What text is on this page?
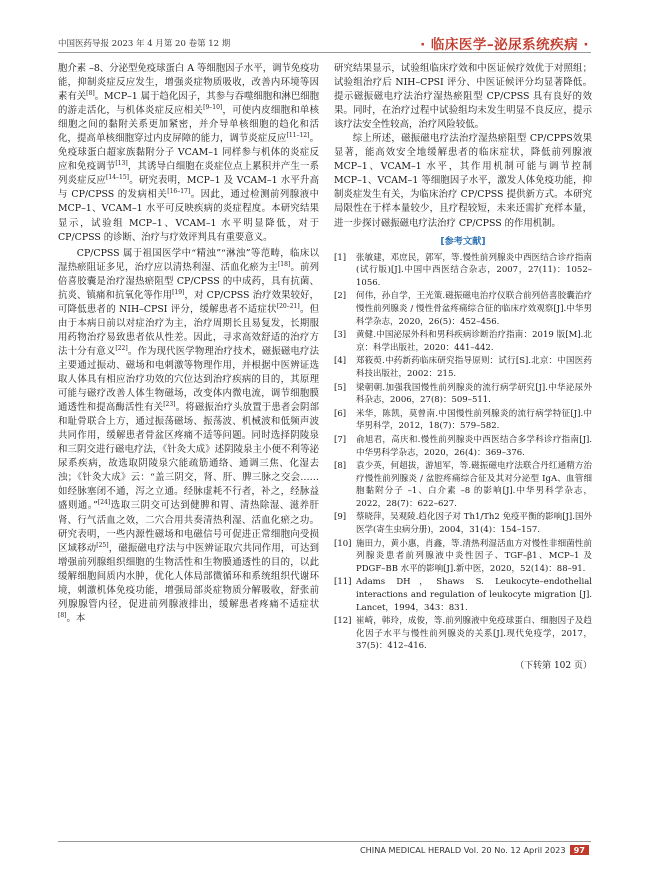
中国医药导报 2023 年 4 月第 20 卷第 12 期	· 临床医学–泌尿系统疾病 ·

胞介素 –8、分泌型免疫球蛋白 A 等细胞因子水平，调节免疫功能，抑制炎症反应发生，增强炎症物质吸收，改善内环境等因素有关[8]。MCP–1 属于趋化因子，其参与吞噬细胞和淋巴细胞的游走活化，与机体炎症反应相关[9–10]，可使内皮细胞和单核细胞之间的黏附关系更加紧密，并介导单核细胞的趋化和活化，提高单核细胞穿过内皮屏障的能力，调节炎症反应[11–12]。免疫球蛋白超家族黏附分子 VCAM–1 同样参与机体的炎症反应和免疫调节[13]，其诱导白细胞在炎症位点上累积并产生一系列炎症反应[14–15]。研究表明，MCP–1 及 VCAM–1 水平升高与 CP/CPSS 的发病相关[16–17]。因此，通过检测前列腺液中 MCP–1、VCAM–1 水平可反映疾病的炎症程度。本研究结果显示，试验组 MCP–1、VCAM–1 水平明显降低，对于 CP/CPSS 的诊断、治疗与疗效评判具有重要意义。

CP/CPSS 属于祖国医学中“精浊”“淋浊”等范畴，临床以湿热瘀阻证多见，治疗应以清热利湿、活血化瘀为主[18]。前列倍喜胶囊是治疗湿热瘀阻型 CP/CPSS 的中成药，具有抗菌、抗炎、镇痛和抗氧化等作用[19]，对 CP/CPSS 治疗效果较好，可降低患者的 NIH–CPSI 评分，缓解患者不适症状[20–21]。但由于本病日前以对症治疗为主，治疗周期长且易复发，长期服用药物治疗易致患者依从性差。因此，寻求高效舒适的治疗方法十分有意义[22]。作为现代医学物理治疗技术，磁振磁电疗法主要通过振动、磁场和电刺激等物理作用，并根据中医辨证选取人体具有相应治疗功效的穴位达到治疗疾病的目的，其原理可能与磁疗改善人体生物磁场，改变体内微电流，调节细胞膜通透性和提高酶活性有关[23]。将磁振治疗头放置于患者会阴部和耻骨联合上方，通过振荡磁场、振荡波、机械波和低频声波共同作用，缓解患者骨盆区疼痛不适等问题。同时选择阴陵泉和三阴交进行磁电疗法，《针灸大成》述阴陵泉主小便不利等泌尿系疾病，故选取阴陵泉穴能疏筋通络、通调三焦、化湿去浊；《针灸大成》云：“盖三阴交，肾、肝、脾三脉之交会……如经脉塞闭不通，泻之立通。经脉虚耗不行者，补之，经脉益盛则通。”[24]选取三阴交可达到健脾和胃、清热除湿、滋养肝肾、行气活血之效，二穴合用共奏清热利湿、活血化瘀之功。研究表明，一些内源性磁场和电磁信号可促进正常细胞向受损区域移动[25]，磁振磁电疗法与中医辨证取穴共同作用，可达到增强前列腺组织细胞的生物活性和生物膜通透性的目的，以此缓解细胞间质内水肿，优化人体局部微循环和系统组织代谢环境，刺激机体免疫功能，增强局部炎症物质分解吸收，舒张前列腺腺管内径，促进前列腺液排出，缓解患者疼痛不适症状[8]。本

研究结果显示，试验组临床疗效和中医证候疗效优于对照组；试验组治疗后 NIH–CPSI 评分、中医证候评分均显著降低。提示磁振磁电疗法治疗湿热瘀阻型 CP/CPSS 具有良好的效果。同时，在治疗过程中试验组均未发生明显不良反应，提示该疗法安全性较高，治疗风险较低。

综上所述，磁振磁电疗法治疗湿热瘀阻型 CP/CPPS效果显著，能高效安全地缓解患者的临床症状，降低前列腺液 MCP–1、VCAM–1 水平，其作用机制可能与调节控制 MCP–1、VCAM–1 等细胞因子水平，激发人体免疫功能，抑制炎症发生有关，为临床治疗 CP/CPSS 提供新方式。本研究局限性在于样本量较少，且疗程较短，未来还需扩充样本量，进一步探讨磁振磁电疗法治疗 CP/CPSS 的作用机制。

[参考文献]
[1] 张敏建，邓庶民，郭军，等.慢性前列腺炎中西医结合诊疗指南(试行版)[J].中国中西医结合杂志，2007，27(11)：1052– 1056.
[2] 何伟，孙自学，王光策.磁振磁电治疗仪联合前列倍喜胶囊治疗慢性前列腺炎 / 慢性骨盆疼痛综合征的临床疗效观察[J].中华男科学杂志，2020，26(5)：452–456.
[3] 黄健.中国泌尿外科和男科疾病诊断治疗指南：2019 版[M].北京：科学出版社，2020：441–442.
[4] 郑筱萸.中药新药临床研究指导原则：试行[S].北京：中国医药科技出版社，2002：215.
[5] 梁朝朝.加强我国慢性前列腺炎的流行病学研究[J].中华泌尿外科杂志，2006，27(8)：509–511.
[6] 米华，陈凯，莫曾南.中国慢性前列腺炎的流行病学特征[J].中华男科学，2012，18(7)：579–582.
[7] 俞旭君，高庆和.慢性前列腺炎中西医结合多学科诊疗指南[J].中华男科学杂志，2020，26(4)：369–376.
[8] 袁少英，何超拔，游旭军，等.磁振磁电疗法联合丹红通精方治疗慢性前列腺炎 / 盆腔疼痛综合征及其对分泌型 IgA、血管细胞黏附分子 –1、白介素 –8 的影响[J].中华男科学杂志，2022，28(7)：622–627.
[9] 蔡晓萍，吴观陵.趋化因子对 Th1/Th2 免疫平衡的影响[J].国外医学(寄生虫病分册)，2004，31(4)：154–157.
[10] 施田力，黄小惠，肖鑫，等.清热利湿活血方对慢性非细菌性前列腺炎患者前列腺液中炎性因子、TGF–β1、MCP–1 及 PDGF–BB 水平的影响[J].新中医，2020，52(14)：88–91.
[11] Adams DH，Shaws S. Leukocyte–endothelial interactions and regulation of leukocyte migration [J]. Lancet，1994，343：831.
[12] 崔崎，韩玲，成俊，等.前列腺液中免疫球蛋白、细胞因子及趋化因子水平与慢性前列腺炎的关系[J].现代免疫学，2017，37(5)：412–416.
（下转第 102 页）
CHINA MEDICAL HERALD Vol. 20 No. 12 April 2023 97
